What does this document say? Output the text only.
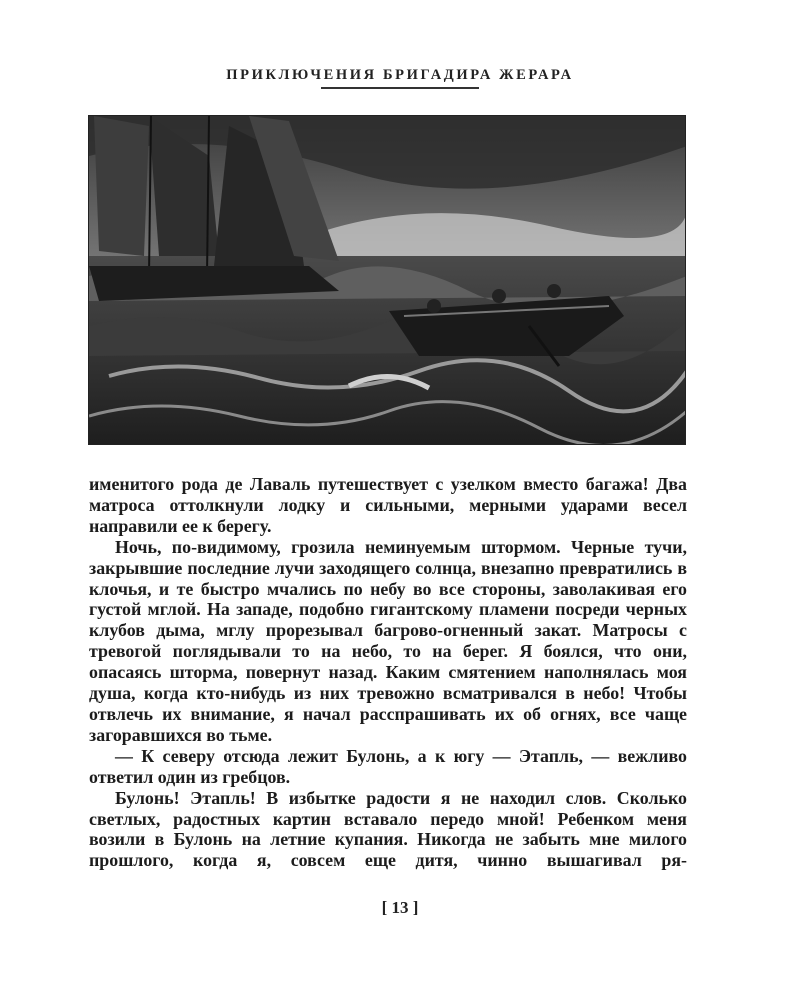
ПРИКЛЮЧЕНИЯ БРИГАДИРА ЖЕРАРА

именитого рода де Лаваль путешествует с узелком вместо багажа! Два матроса оттолкнули лодку и сильными, мерными ударами весел направили ее к берегу.

Ночь, по-видимому, грозила неминуемым штормом. Черные тучи, закрывшие последние лучи заходящего солнца, внезапно превратились в клочья, и те быстро мчались по небу во все стороны, заволакивая его густой мглой. На западе, подобно гигантскому пламени посреди черных клубов дыма, мглу прорезывал багрово-огненный закат. Матросы с тревогой поглядывали то на небо, то на берег. Я боялся, что они, опасаясь шторма, повернут назад. Каким смятением наполнялась моя душа, когда кто-нибудь из них тревожно всматривался в небо! Чтобы отвлечь их внимание, я начал расспрашивать их об огнях, все чаще загоравшихся во тьме.

— К северу отсюда лежит Булонь, а к югу — Этапль, — вежливо ответил один из гребцов.

Булонь! Этапль! В избытке радости я не находил слов. Сколько светлых, радостных картин вставало передо мной! Ребенком меня возили в Булонь на летние купания. Никогда не забыть мне милого прошлого, когда я, совсем еще дитя, чинно вышагивал ря-

[ 13 ]
